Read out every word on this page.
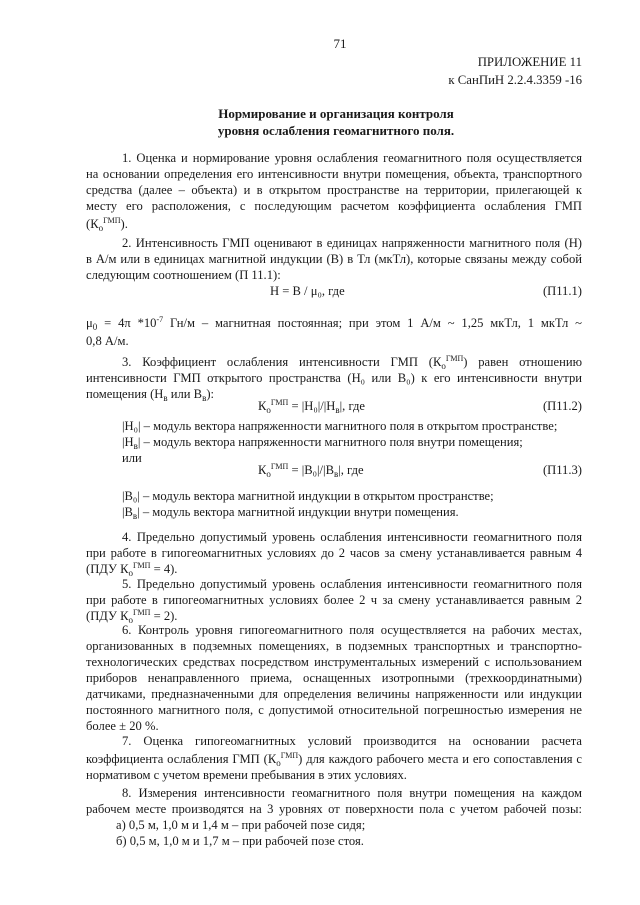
71
ПРИЛОЖЕНИЕ 11
к СанПиН 2.2.4.3359 -16
Нормирование и организация контроля
уровня ослабления геомагнитного поля.

1. Оценка и нормирование уровня ослабления геомагнитного поля осуществляется

на основании определения его интенсивности внутри помещения, объекта, транспортного

средства (далее – объекта) и в открытом пространстве на территории, прилегающей к

месту его расположения, с последующим расчетом коэффициента ослабления ГМП

$(К_о^{ГМП})$.

2. Интенсивность ГМП оценивают в единицах напряженности магнитного поля (Н)

в А/м или в единицах магнитной индукции (В) в Тл (мкТл), которые связаны между собой

следующим соотношением (П 11.1):

Н = В / μ₀, где	(П11.1)

$\mu_0 = 4\pi$ $*10^{-7}$ Гн/м – магнитная постоянная; при этом 1 А/м ~ 1,25 мкТл, 1 мкТл ~

0,8 А/м.

3. Коэффициент ослабления интенсивности ГМП $(К_о^{ГМП})$ равен отношению

интенсивности ГМП открытого пространства (Н₀ или В₀) к его интенсивности внутри

помещения ($Н_в$ или $В_в$):

$К_о^{ГМП} = |Н_0|/|Н_в|$, где	(П11.2)

|Н₀| – модуль вектора напряженности магнитного поля в открытом пространстве;

$|Н_в|$ – модуль вектора напряженности магнитного поля внутри помещения;

или

$К_о^{ГМП} = |В_0|/|В_в|$, где	(П11.3)

|В₀| – модуль вектора магнитной индукции в открытом пространстве;

$|В_в|$ – модуль вектора магнитной индукции внутри помещения.

4. Предельно допустимый уровень ослабления интенсивности геомагнитного поля

при работе в гипогеомагнитных условиях до 2 часов за смену устанавливается равным 4

(ПДУ $К_о^{ГМП} = 4$).

5. Предельно допустимый уровень ослабления интенсивности геомагнитного поля

при работе в гипогеомагнитных условиях более 2 ч за смену устанавливается равным 2

(ПДУ $К_о^{ГМП} = 2$).

6. Контроль уровня гипогеомагнитного поля осуществляется на рабочих местах,

организованных в подземных помещениях, в подземных транспортных и транспортно-

технологических средствах посредством инструментальных измерений с использованием

приборов ненаправленного приема, оснащенных изотропными (трехкоординатными)

датчиками, предназначенными для определения величины напряженности или индукции

постоянного магнитного поля, с допустимой относительной погрешностью измерения не

более ± 20 %.

7. Оценка гипогеомагнитных условий производится на основании расчета

коэффициента ослабления ГМП $(К_о^{ГМП})$ для каждого рабочего места и его сопоставления с

нормативом с учетом времени пребывания в этих условиях.

8. Измерения интенсивности геомагнитного поля внутри помещения на каждом

рабочем месте производятся на 3 уровнях от поверхности пола с учетом рабочей позы:

а) 0,5 м, 1,0 м и 1,4 м – при рабочей позе сидя;

б) 0,5 м, 1,0 м и 1,7 м – при рабочей позе стоя.
